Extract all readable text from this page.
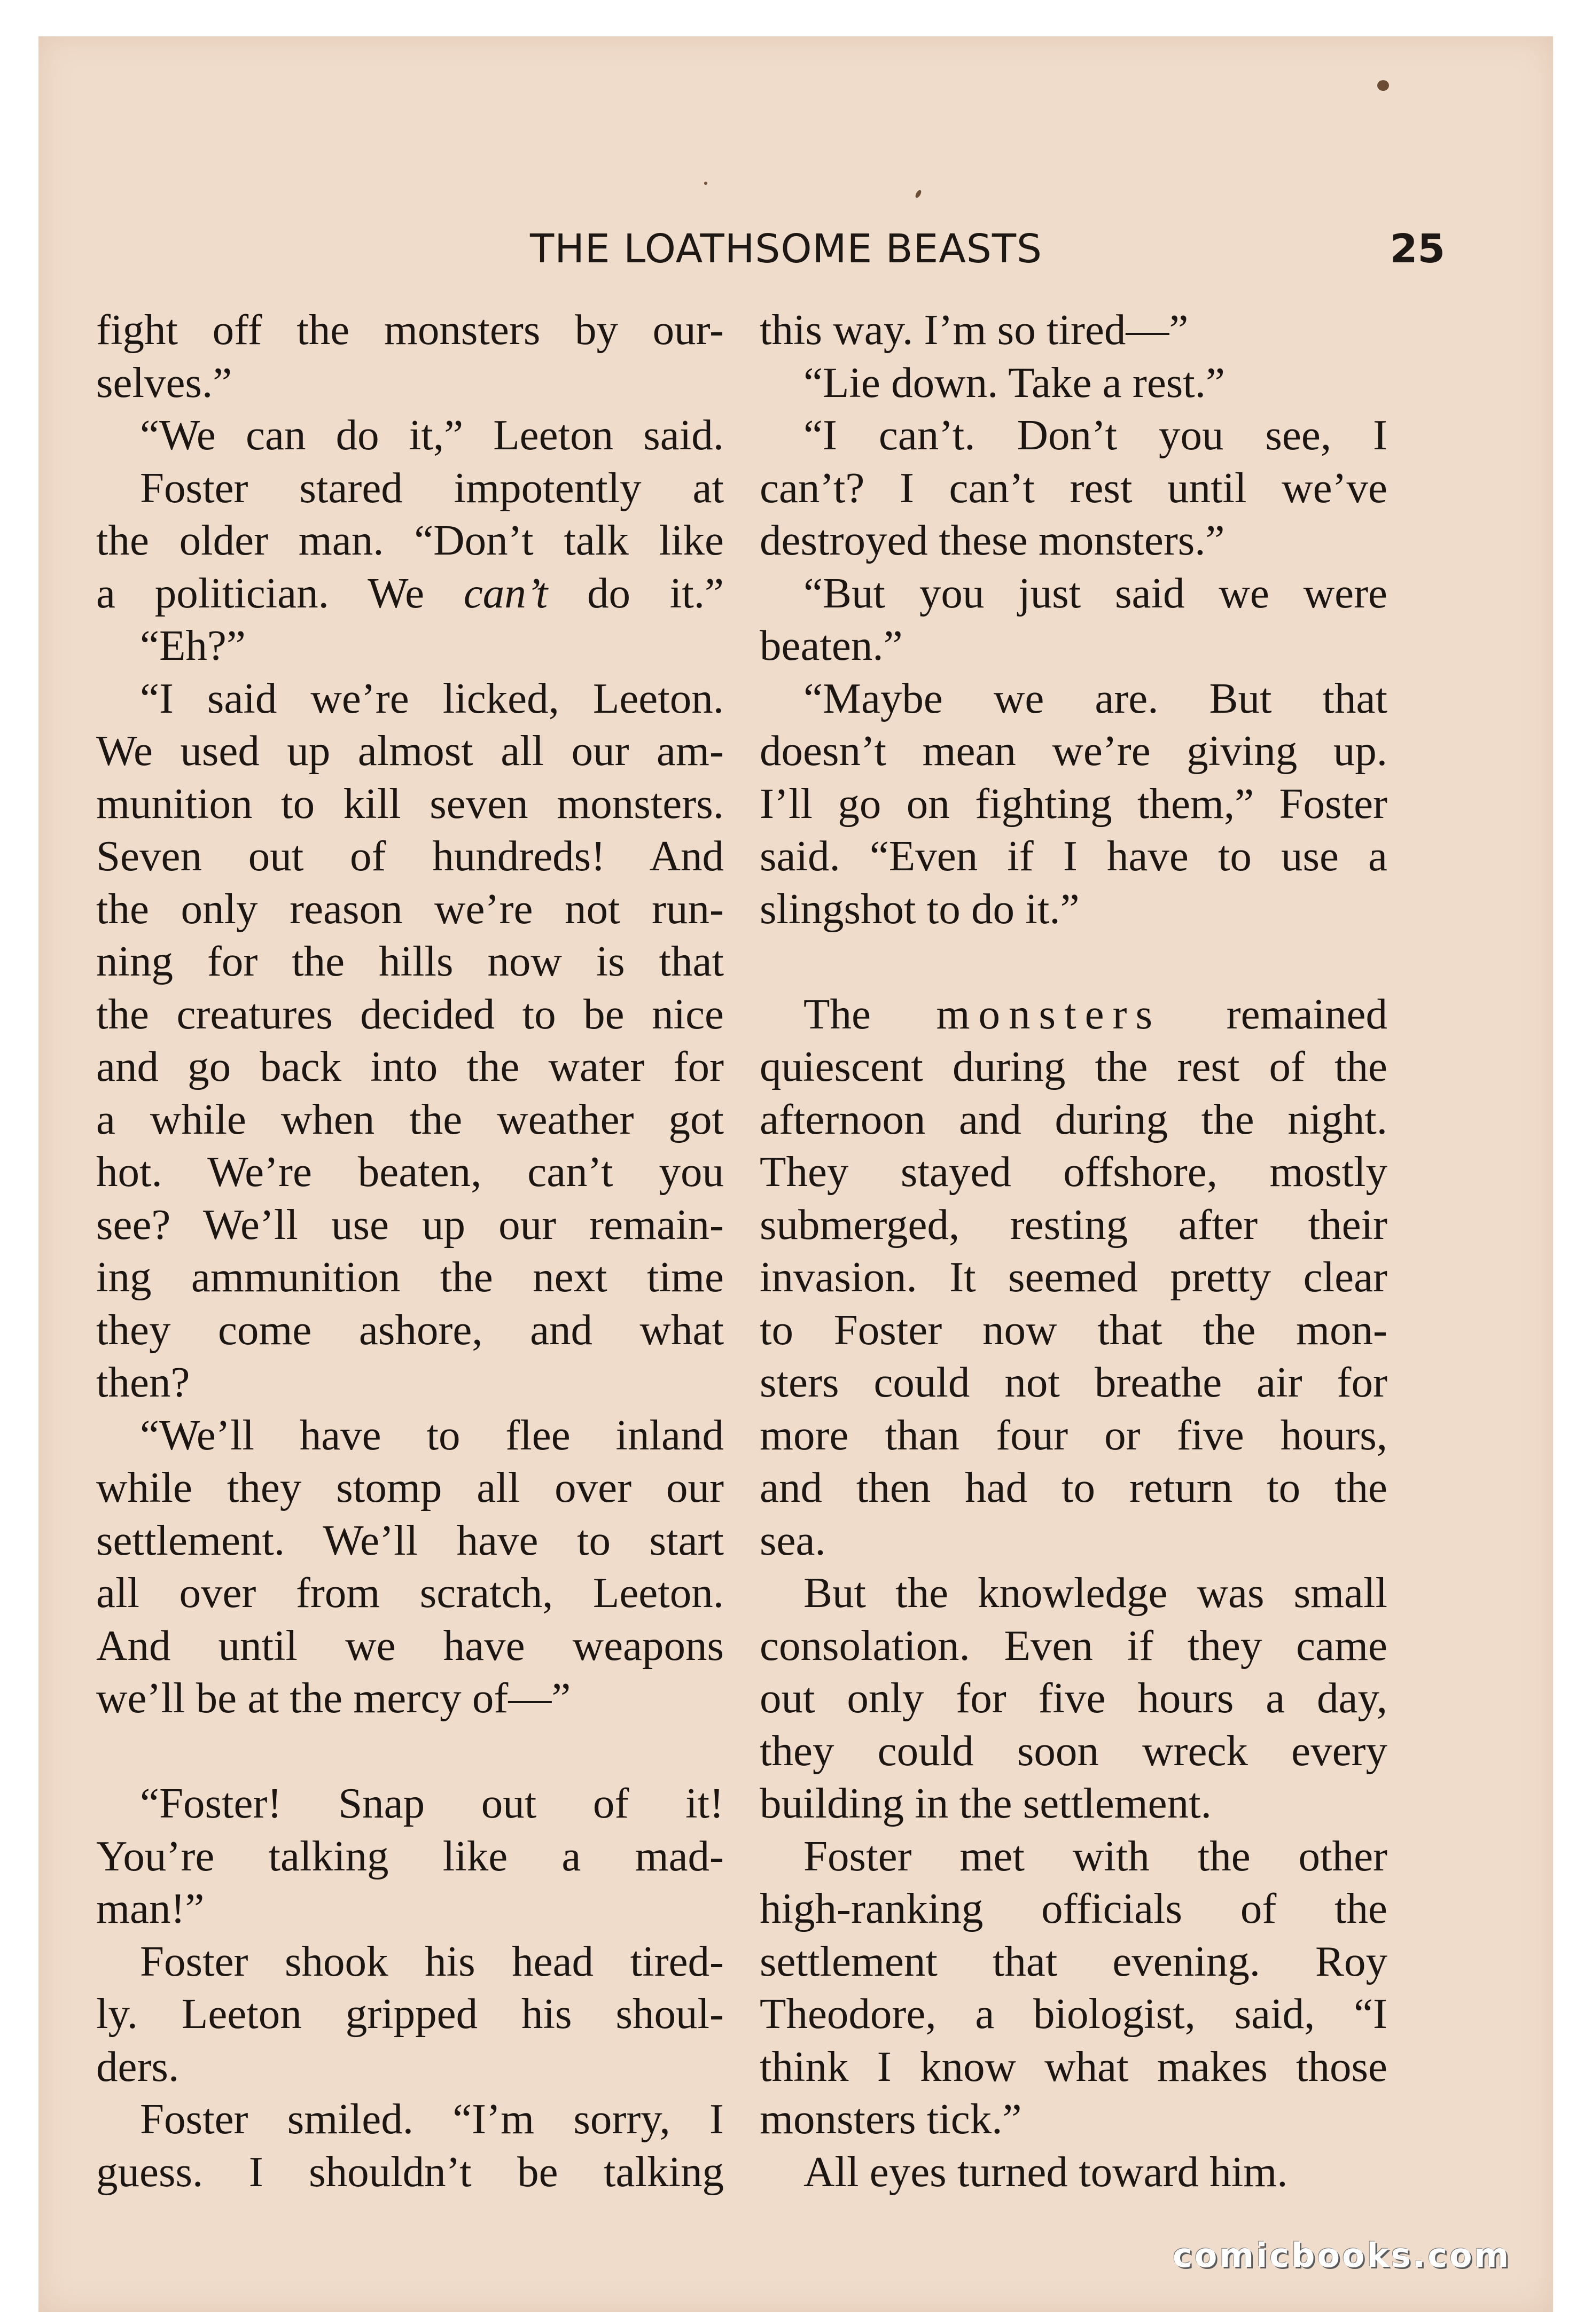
THE LOATHSOME BEASTS	25
fight off the monsters by our-
selves.”
“We can do it,” Leeton said.
Foster stared impotently at
the older man. “Don’t talk like
a politician. We can’t do it.”
“Eh?”
“I said we’re licked, Leeton.
We used up almost all our am-
munition to kill seven monsters.
Seven out of hundreds! And
the only reason we’re not run-
ning for the hills now is that
the creatures decided to be nice
and go back into the water for
a while when the weather got
hot. We’re beaten, can’t you
see? We’ll use up our remain-
ing ammunition the next time
they come ashore, and what
then?
“We’ll have to flee inland
while they stomp all over our
settlement. We’ll have to start
all over from scratch, Leeton.
And until we have weapons
we’ll be at the mercy of—”
“Foster! Snap out of it!
You’re talking like a mad-
man!”
Foster shook his head tired-
ly. Leeton gripped his shoul-
ders.
Foster smiled. “I’m sorry, I
guess. I shouldn’t be talking
this way. I’m so tired—”
“Lie down. Take a rest.”
“I can’t. Don’t you see, I
can’t? I can’t rest until we’ve
destroyed these monsters.”
“But you just said we were
beaten.”
“Maybe we are. But that
doesn’t mean we’re giving up.
I’ll go on fighting them,” Foster
said. “Even if I have to use a
slingshot to do it.”
The monsters remained
quiescent during the rest of the
afternoon and during the night.
They stayed offshore, mostly
submerged, resting after their
invasion. It seemed pretty clear
to Foster now that the mon-
sters could not breathe air for
more than four or five hours,
and then had to return to the
sea.
But the knowledge was small
consolation. Even if they came
out only for five hours a day,
they could soon wreck every
building in the settlement.
Foster met with the other
high-ranking officials of the
settlement that evening. Roy
Theodore, a biologist, said, “I
think I know what makes those
monsters tick.”
All eyes turned toward him.
comicbooks.com
